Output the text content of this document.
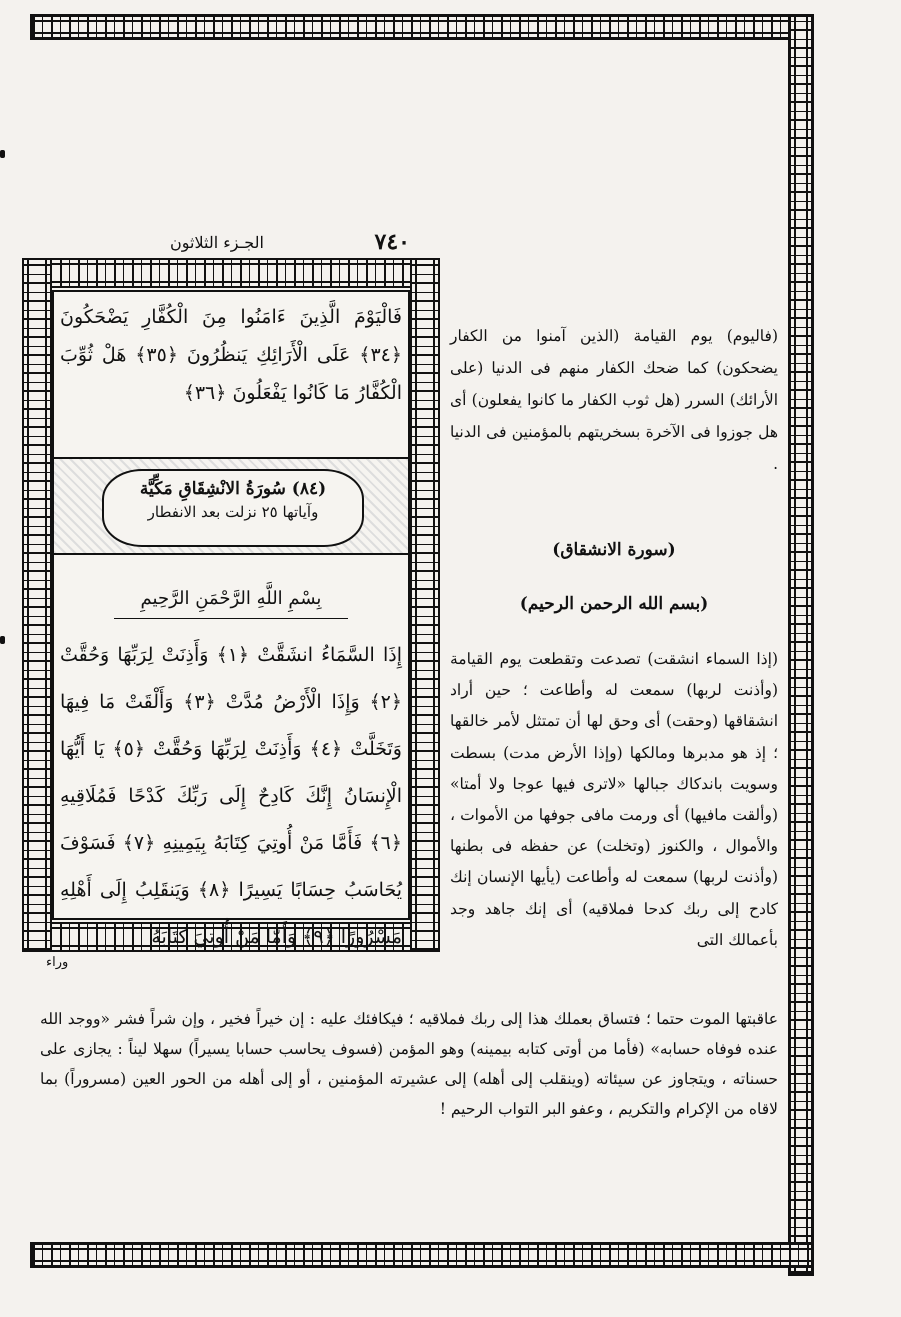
٧٤٠
الجـزء الثلاثون
فَالْيَوْمَ الَّذِينَ ءَامَنُوا مِنَ الْكُفَّارِ يَضْحَكُونَ ﴿٣٤﴾ عَلَى الْأَرَائِكِ يَنظُرُونَ ﴿٣٥﴾ هَلْ ثُوِّبَ الْكُفَّارُ مَا كَانُوا يَفْعَلُونَ ﴿٣٦﴾
(٨٤) سُورَةُ الانْشِقَاقِ مَكِّيَّة
وآياتها ٢٥ نزلت بعد الانفطار
بِسْمِ اللَّهِ الرَّحْمَنِ الرَّحِيمِ
إِذَا السَّمَاءُ انشَقَّتْ ﴿١﴾ وَأَذِنَتْ لِرَبِّهَا وَحُقَّتْ ﴿٢﴾ وَإِذَا الْأَرْضُ مُدَّتْ ﴿٣﴾ وَأَلْقَتْ مَا فِيهَا وَتَخَلَّتْ ﴿٤﴾ وَأَذِنَتْ لِرَبِّهَا وَحُقَّتْ ﴿٥﴾ يَا أَيُّهَا الْإِنسَانُ إِنَّكَ كَادِحٌ إِلَى رَبِّكَ كَدْحًا فَمُلَاقِيهِ ﴿٦﴾ فَأَمَّا مَنْ أُوتِيَ كِتَابَهُ بِيَمِينِهِ ﴿٧﴾ فَسَوْفَ يُحَاسَبُ حِسَابًا يَسِيرًا ﴿٨﴾ وَيَنقَلِبُ إِلَى أَهْلِهِ مَسْرُورًا ﴿٩﴾ وَأَمَّا مَنْ أُوتِيَ كِتَابَهُ
وراء
(فاليوم) يوم القيامة (الذين آمنوا من الكفار يضحكون) كما ضحك الكفار منهم فى الدنيا (على الأرائك) السرر (هل ثوب الكفار ما كانوا يفعلون) أى هل جوزوا فى الآخرة بسخريتهم بالمؤمنين فى الدنيا .
(سورة الانشقاق)
(بسم الله الرحمن الرحيم)
(إذا السماء انشقت) تصدعت وتقطعت يوم القيامة (وأذنت لربها) سمعت له وأطاعت ؛ حين أراد انشقاقها (وحقت) أى وحق لها أن تمتثل لأمر خالقها ؛ إذ هو مدبرها ومالكها (وإذا الأرض مدت) بسطت وسويت باندكاك جبالها «لاترى فيها عوجا ولا أمتا» (وألقت مافيها) أى ورمت مافى جوفها من الأموات ، والأموال ، والكنوز (وتخلت) عن حفظه فى بطنها (وأذنت لربها) سمعت له وأطاعت (يأيها الإنسان إنك كادح إلى ربك كدحا فملاقيه) أى إنك جاهد وجد بأعمالك التى
عاقبتها الموت حتما ؛ فتساق بعملك هذا إلى ربك فملاقيه ؛ فيكافئك عليه : إن خيراً فخير ، وإن شراً فشر «ووجد الله عنده فوفاه حسابه» (فأما من أوتى كتابه بيمينه) وهو المؤمن (فسوف يحاسب حسابا يسيراً) سهلا ليناً : يجازى على حسناته ، ويتجاوز عن سيئاته (وينقلب إلى أهله) إلى عشيرته المؤمنين ، أو إلى أهله من الحور العين (مسروراً) بما لاقاه من الإكرام والتكريم ، وعفو البر التواب الرحيم !
